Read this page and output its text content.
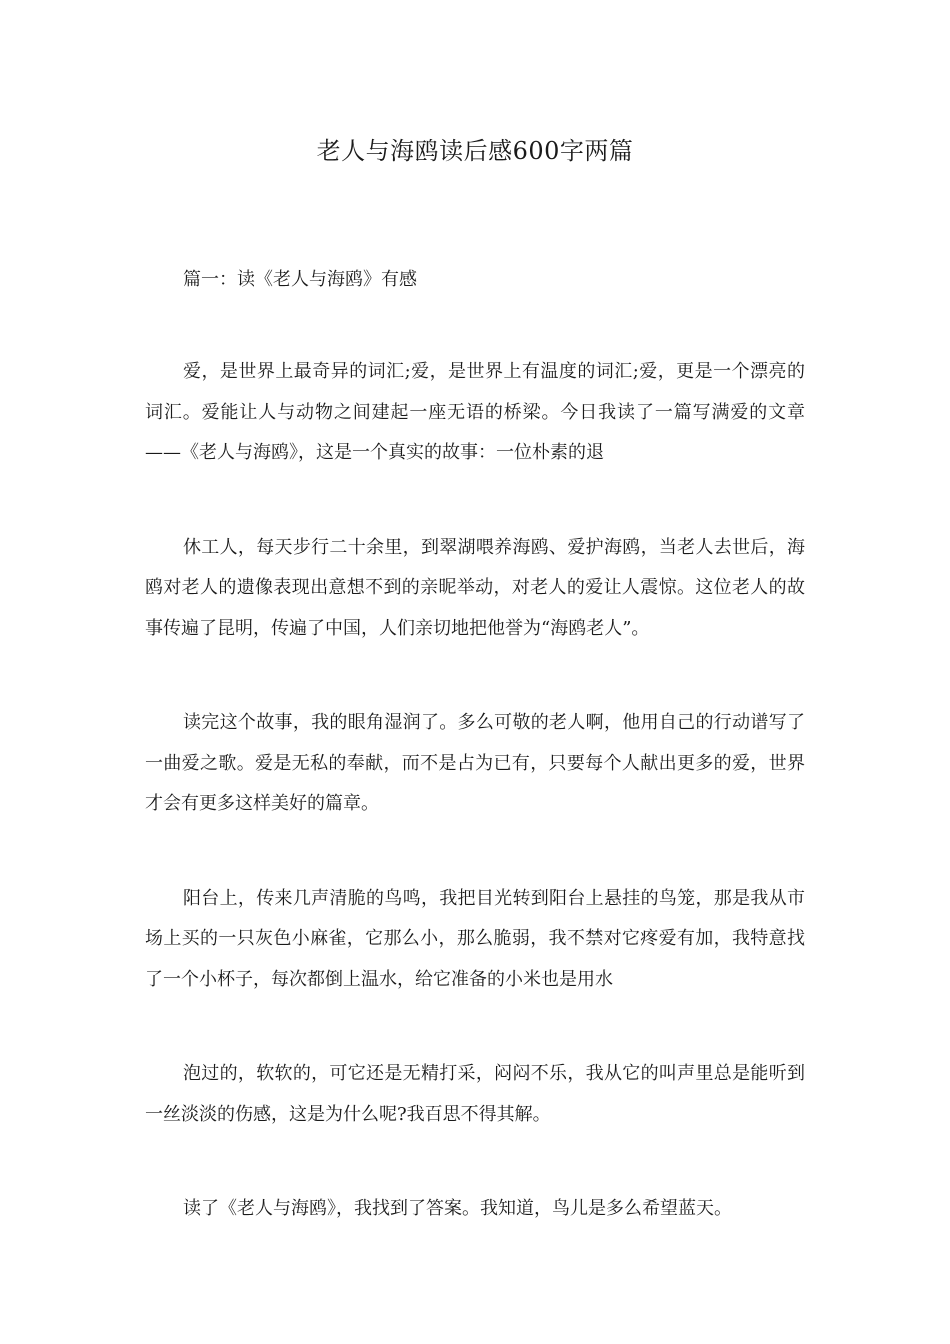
老人与海鸥读后感600字两篇

篇一：读《老人与海鸥》有感

爱，是世界上最奇异的词汇;爱，是世界上有温度的词汇;爱，更是一个漂亮的词汇。爱能让人与动物之间建起一座无语的桥梁。今日我读了一篇写满爱的文章——《老人与海鸥》，这是一个真实的故事：一位朴素的退

休工人，每天步行二十余里，到翠湖喂养海鸥、爱护海鸥，当老人去世后，海鸥对老人的遗像表现出意想不到的亲昵举动，对老人的爱让人震惊。这位老人的故事传遍了昆明，传遍了中国，人们亲切地把他誉为“海鸥老人”。

读完这个故事，我的眼角湿润了。多么可敬的老人啊，他用自己的行动谱写了一曲爱之歌。爱是无私的奉献，而不是占为已有，只要每个人献出更多的爱，世界才会有更多这样美好的篇章。

阳台上，传来几声清脆的鸟鸣，我把目光转到阳台上悬挂的鸟笼，那是我从市场上买的一只灰色小麻雀，它那么小，那么脆弱，我不禁对它疼爱有加，我特意找了一个小杯子，每次都倒上温水，给它准备的小米也是用水

泡过的，软软的，可它还是无精打采，闷闷不乐，我从它的叫声里总是能听到一丝淡淡的伤感，这是为什么呢?我百思不得其解。

读了《老人与海鸥》，我找到了答案。我知道，鸟儿是多么希望蓝天。
